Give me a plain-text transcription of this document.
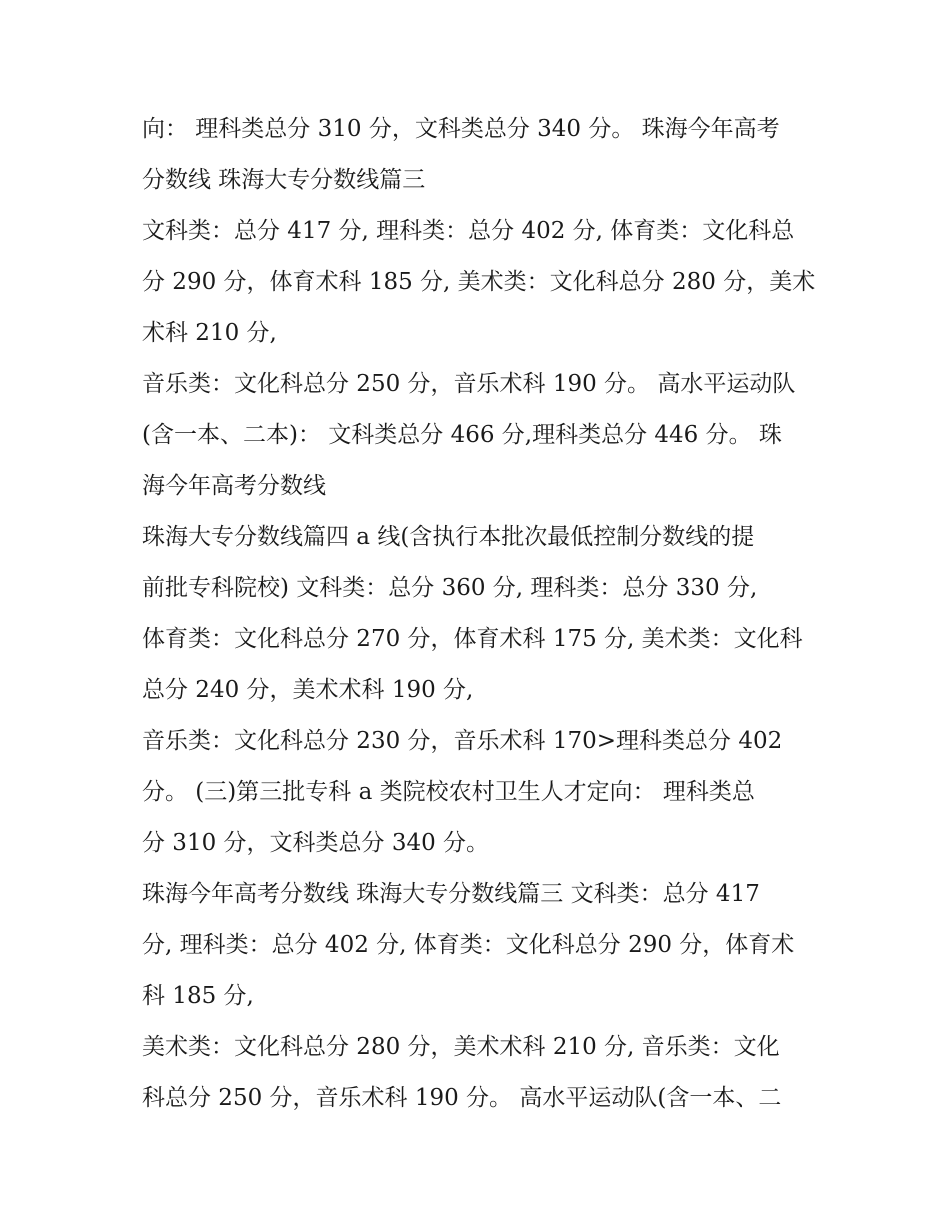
向： 理科类总分 310 分，文科类总分 340 分。 珠海今年高考
分数线 珠海大专分数线篇三
文科类：总分 417 分, 理科类：总分 402 分, 体育类：文化科总
分 290 分，体育术科 185 分, 美术类：文化科总分 280 分，美术
术科 210 分,
音乐类：文化科总分 250 分，音乐术科 190 分。 高水平运动队
(含一本、二本)： 文科类总分 466 分,理科类总分 446 分。 珠
海今年高考分数线
珠海大专分数线篇四 a 线(含执行本批次最低控制分数线的提
前批专科院校) 文科类：总分 360 分, 理科类：总分 330 分,
体育类：文化科总分 270 分，体育术科 175 分, 美术类：文化科
总分 240 分，美术术科 190 分,
音乐类：文化科总分 230 分，音乐术科 170>理科类总分 402
分。 (三)第三批专科 a 类院校农村卫生人才定向： 理科类总
分 310 分，文科类总分 340 分。
珠海今年高考分数线 珠海大专分数线篇三 文科类：总分 417
分, 理科类：总分 402 分, 体育类：文化科总分 290 分，体育术
科 185 分,
美术类：文化科总分 280 分，美术术科 210 分, 音乐类：文化
科总分 250 分，音乐术科 190 分。 高水平运动队(含一本、二
